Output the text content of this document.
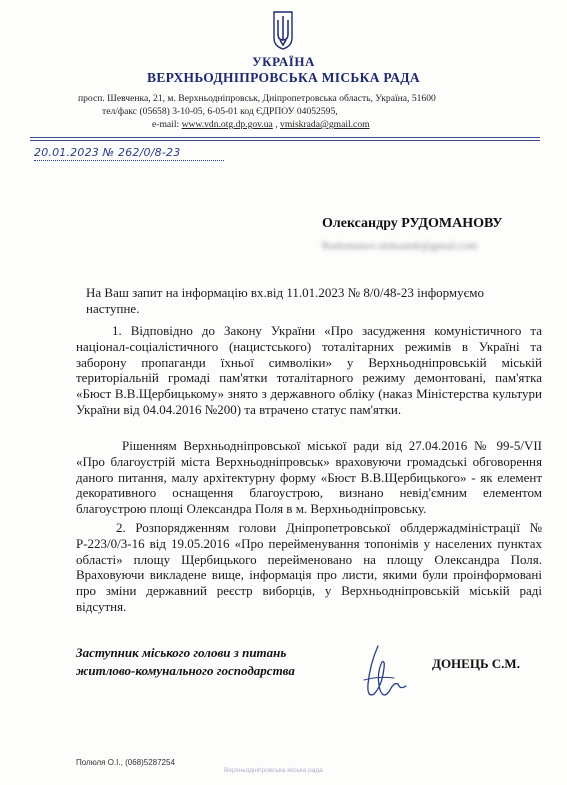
УКРАЇНА
ВЕРХНЬОДНІПРОВСЬКА МІСЬКА РАДА
просп. Шевченка, 21, м. Верхньодніпровськ, Дніпропетровська область, Україна, 51600
тел/факс (05658) 3-10-05, 6-05-01 код ЄДРПОУ 04052595,
e-mail: www.vdn.otg.dp.gov.ua , vmiskrada@gmail.com
20.01.2023 № 262/0/8-23
Олександру РУДОМАНОВУ
Rudomanov.oleksandr@gmail.com
На Ваш запит на інформацію вх.від 11.01.2023 № 8/0/48-23 інформуємо
наступне.
1. Відповідно до Закону України «Про засудження комуністичного та націонал-соціалістичного (нацистського) тоталітарних режимів в Україні та заборону пропаганди їхньої символіки» у Верхньодніпровській міській територіальній громаді пам'ятки тоталітарного режиму демонтовані, пам'ятка «Бюст В.В.Щербицькому» знято з державного обліку (наказ Міністерства культури України від 04.04.2016 №200) та втрачено статус пам'ятки.
Рішенням Верхньодніпровської міської ради від 27.04.2016 № 99-5/VII «Про благоустрій міста Верхньодніпровськ» враховуючи громадські обговорення даного питання, малу архітектурну форму «Бюст В.В.Щербицького» - як елемент декоративного оснащення благоустрою, визнано невід'ємним елементом благоустрою площі Олександра Поля в м. Верхньодніпровську.
2. Розпорядженням голови Дніпропетровської облдержадміністрації № Р-223/0/3-16 від 19.05.2016 «Про перейменування топонімів у населених пунктах області» площу Щербицького перейменовано на площу Олександра Поля. Враховуючи викладене вище, інформація про листи, якими були проінформовані про зміни державний реєстр виборців, у Верхньодніпровській міській раді відсутня.
Заступник міського голови з питань
житлово-комунального господарства	ДОНЕЦЬ С.М.
Полюля О.І., (068)5287254
Верхньодніпровська міська рада
